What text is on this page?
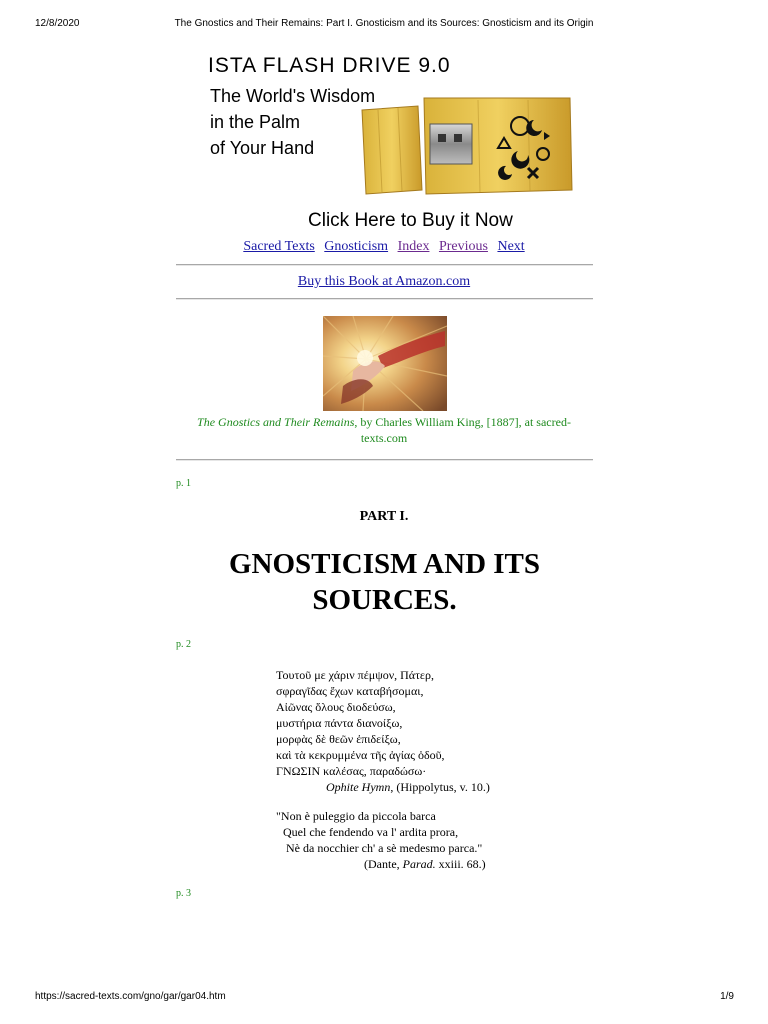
12/8/2020	The Gnostics and Their Remains: Part I. Gnosticism and its Sources: Gnosticism and its Origin
ISTA FLASH DRIVE 9.0
The World's Wisdom
in the Palm
of Your Hand
Click Here to Buy it Now
Sacred Texts Gnosticism Index Previous Next
Buy this Book at Amazon.com
The Gnostics and Their Remains, by Charles William King, [1887], at sacred-texts.com
p. 1
PART I.
GNOSTICISM AND ITS
SOURCES.
p. 2
Τουτοῦ με χάριν πέμψον, Πάτερ,
σφραγῖδας ἔχων καταβήσομαι,
Αἰῶνας ὅλους διοδεύσω,
μυστήρια πάντα διανοίξω,
μορφὰς δὲ θεῶν ἐπιδείξω,
καὶ τὰ κεκρυμμένα τῆς ἁγίας ὁδοῦ,
ΓΝΩΣΙΝ καλέσας, παραδώσω·
Ophite Hymn, (Hippolytus, v. 10.)
"Non è puleggio da piccola barca
Quel che fendendo va l' ardita prora,
Nè da nocchier ch' a sè medesmo parca."
(Dante, Parad. xxiii. 68.)
p. 3
https://sacred-texts.com/gno/gar/gar04.htm	1/9
